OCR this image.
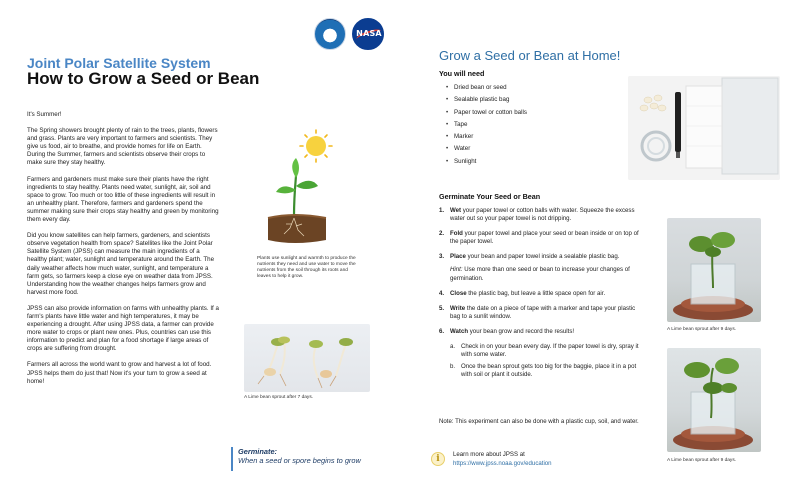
NASA
Joint Polar Satellite System
How to Grow a Seed or Bean

It's Summer!

The Spring showers brought plenty of rain to the trees, plants, flowers and grass. Plants are very important to farmers and scientists. They give us food, air to breathe, and provide homes for life on Earth. During the Summer, farmers and scientists observe their crops to make sure they stay healthy.

Farmers and gardeners must make sure their plants have the right ingredients to stay healthy. Plants need water, sunlight, air, soil and space to grow. Too much or too little of these ingredients will result in an unhealthy plant. Therefore, farmers and gardeners spend the summer making sure their crops stay healthy and green by monitoring them every day.

Did you know satellites can help farmers, gardeners, and scientists observe vegetation health from space? Satellites like the Joint Polar Satellite System (JPSS) can measure the main ingredients of a healthy plant; water, sunlight and temperature around the Earth. The daily weather affects how much water, sunlight, and temperature a farm gets, so farmers keep a close eye on weather data from JPSS. Understanding how the weather changes helps farmers grow and harvest more food.

JPSS can also provide information on farms with unhealthy plants. If a farm's plants have little water and high temperatures, it may be experiencing a drought. After using JPSS data, a farmer can provide more water to crops or plant new ones. Plus, countries can use this information to predict and plan for a food shortage if large areas of crops are suffering from drought.

Farmers all across the world want to grow and harvest a lot of food. JPSS helps them do just that! Now it's your turn to grow a seed at home!

Plants use sunlight and warmth to produce the nutrients they need and use water to move the nutrients from the soil through its roots and leaves to help it grow.
A Lime bean sprout after 7 days.
Germinate:
When a seed or spore begins to grow
Grow a Seed or Bean at Home!
You will need
• Dried bean or seed
• Sealable plastic bag
• Paper towel or cotton balls
• Tape
• Marker
• Water
• Sunlight
Germinate Your Seed or Bean
1. Wet your paper towel or cotton balls with water. Squeeze the excess water out so your paper towel is not dripping.
2. Fold your paper towel and place your seed or bean inside or on top of the paper towel.
3. Place your bean and paper towel inside a sealable plastic bag.
Hint: Use more than one seed or bean to increase your changes of germination.
4. Close the plastic bag, but leave a little space open for air.
5. Write the date on a piece of tape with a marker and tape your plastic bag to a sunlit window.
6. Watch your bean grow and record the results!
a. Check in on your bean every day. If the paper towel is dry, spray it with some water.
b. Once the bean sprout gets too big for the baggie, place it in a pot with soil or plant it outside.
Note: This experiment can also be done with a plastic cup, soil, and water.
i	Learn more about JPSS at
https://www.jpss.noaa.gov/education
A Lime bean sprout after 9 days.
A Lime bean sprout after 9 days.
